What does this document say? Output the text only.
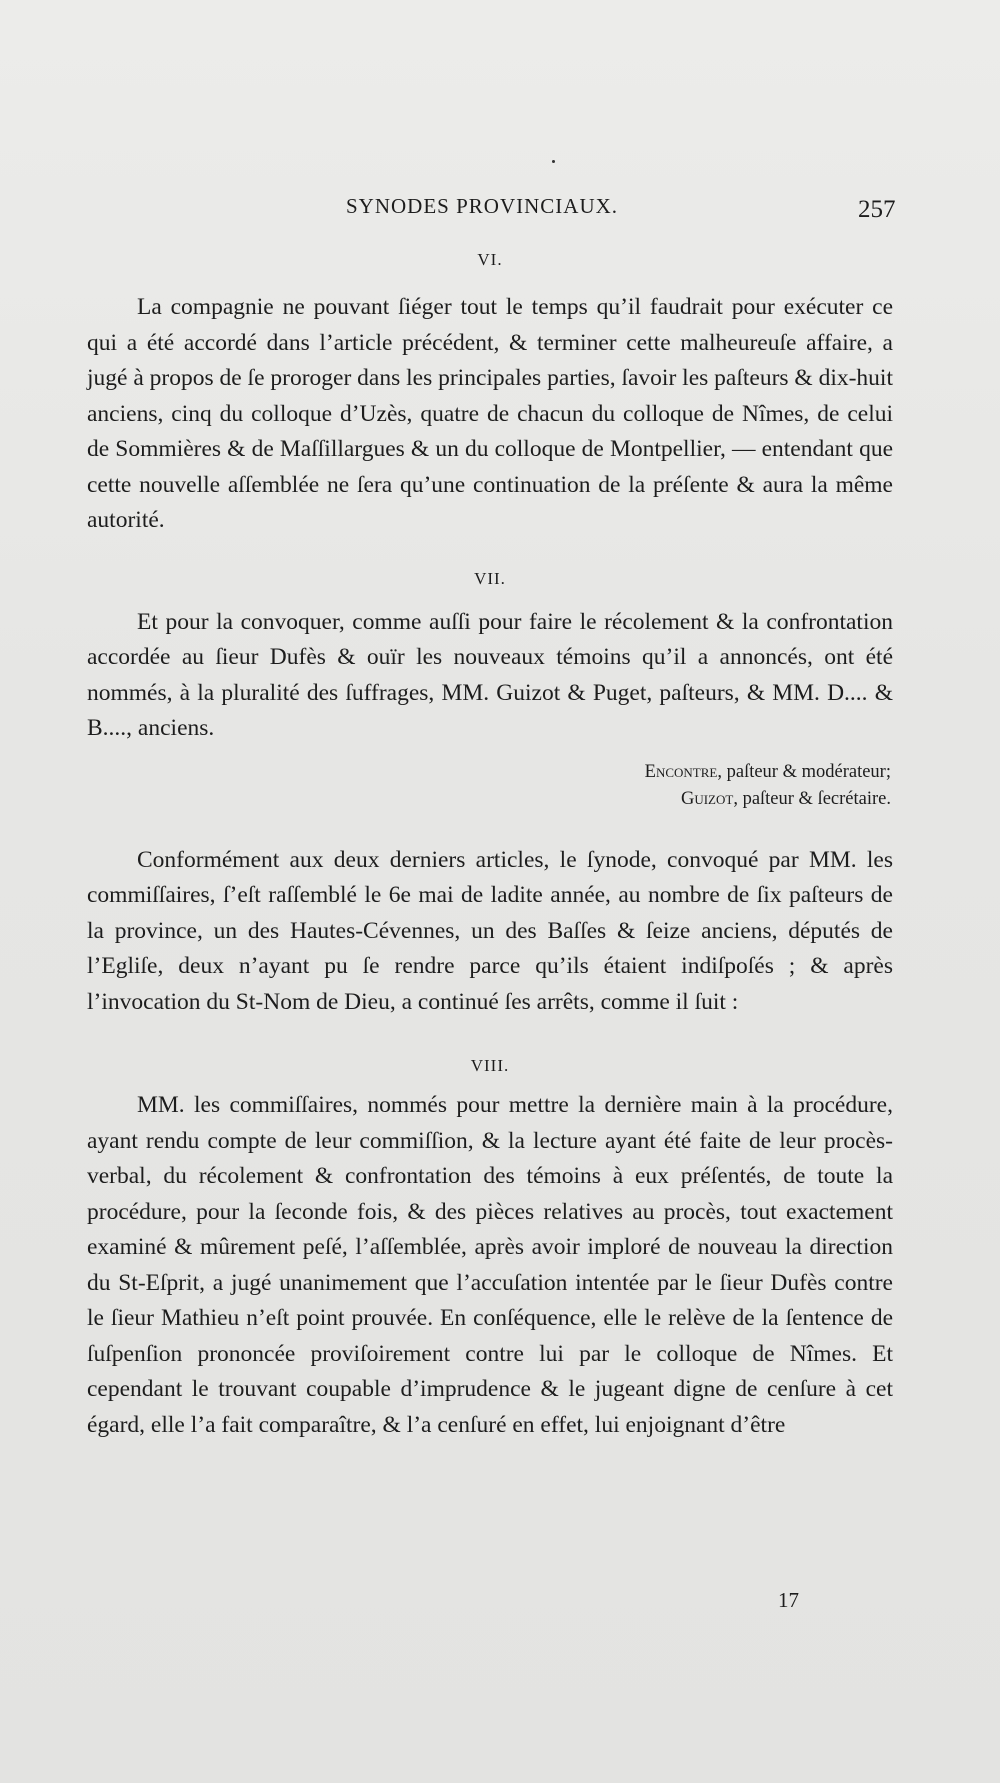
SYNODES PROVINCIAUX.	257

VI.

La compagnie ne pouvant ſiéger tout le temps qu’il faudrait pour exécuter ce qui a été accordé dans l’article précédent, & terminer cette malheureuſe affaire, a jugé à propos de ſe proroger dans les principales parties, ſavoir les paſteurs & dix-huit anciens, cinq du colloque d’Uzès, quatre de chacun du colloque de Nîmes, de celui de Sommières & de Maſſillargues & un du colloque de Montpellier, — entendant que cette nouvelle aſſemblée ne ſera qu’une continuation de la préſente & aura la même autorité.

VII.

Et pour la convoquer, comme auſſi pour faire le récolement & la confrontation accordée au ſieur Dufès & ouïr les nouveaux témoins qu’il a annoncés, ont été nommés, à la pluralité des ſuffrages, MM. Guizot & Puget, paſteurs, & MM. D.... & B...., anciens.

Encontre, paſteur & modérateur;
Guizot, paſteur & ſecrétaire.

Conformément aux deux derniers articles, le ſynode, convoqué par MM. les commiſſaires, ſ’eſt raſſemblé le 6e mai de ladite année, au nombre de ſix paſteurs de la province, un des Hautes-Cévennes, un des Baſſes & ſeize anciens, députés de l’Egliſe, deux n’ayant pu ſe rendre parce qu’ils étaient indiſpoſés ; & après l’invocation du St-Nom de Dieu, a continué ſes arrêts, comme il ſuit :

VIII.

MM. les commiſſaires, nommés pour mettre la dernière main à la procédure, ayant rendu compte de leur commiſſion, & la lecture ayant été faite de leur procès-verbal, du récolement & confrontation des témoins à eux préſentés, de toute la procédure, pour la ſeconde fois, & des pièces relatives au procès, tout exactement examiné & mûrement peſé, l’aſſemblée, après avoir imploré de nouveau la direction du St-Eſprit, a jugé unanimement que l’accuſation intentée par le ſieur Dufès contre le ſieur Mathieu n’eſt point prouvée. En conſéquence, elle le relève de la ſentence de ſuſpenſion prononcée proviſoirement contre lui par le colloque de Nîmes. Et cependant le trouvant coupable d’imprudence & le jugeant digne de cenſure à cet égard, elle l’a fait comparaître, & l’a cenſuré en effet, lui enjoignant d’être

17
